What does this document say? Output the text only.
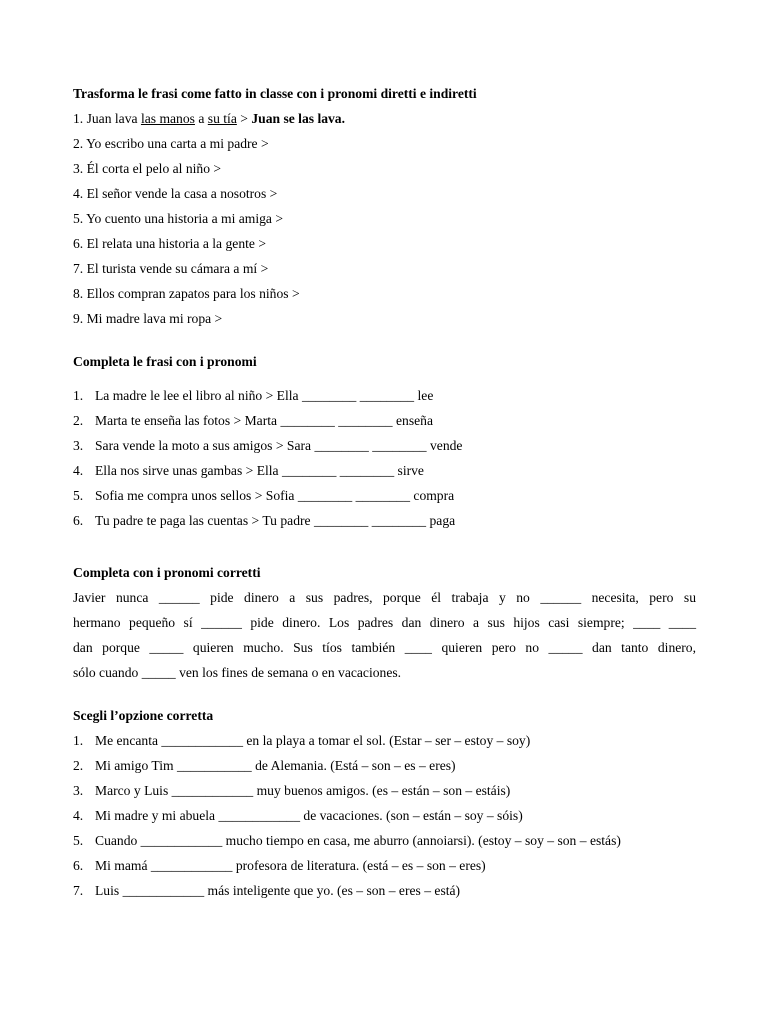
Trasforma le frasi come fatto in classe con i pronomi diretti e indiretti
1. Juan lava las manos a su tía > Juan se las lava.
2. Yo escribo una carta a mi padre >
3. Él corta el pelo al niño >
4. El señor vende la casa a nosotros >
5. Yo cuento una historia a mi amiga >
6. El relata una historia a la gente >
7. El turista vende su cámara a mí >
8. Ellos compran zapatos para los niños >
9. Mi madre lava mi ropa >
Completa le frasi con i pronomi
1. La madre le lee el libro al niño > Ella ________ ________ lee
2. Marta te enseña las fotos > Marta ________ ________ enseña
3. Sara vende la moto a sus amigos > Sara ________ ________ vende
4. Ella nos sirve unas gambas > Ella ________ ________ sirve
5. Sofia me compra unos sellos > Sofia ________ ________ compra
6. Tu padre te paga las cuentas > Tu padre ________ ________ paga
Completa con i pronomi corretti
Javier nunca ______ pide dinero a sus padres, porque él trabaja y no ______ necesita, pero su
hermano pequeño sí ______ pide dinero. Los padres dan dinero a sus hijos casi siempre; ____ ____
dan porque _____ quieren mucho. Sus tíos también ____ quieren pero no _____ dan tanto dinero,
sólo cuando _____ ven los fines de semana o en vacaciones.
Scegli l’opzione corretta
1. Me encanta ____________ en la playa a tomar el sol. (Estar – ser – estoy – soy)
2. Mi amigo Tim ___________ de Alemania. (Está – son – es – eres)
3. Marco y Luis ____________ muy buenos amigos. (es – están – son – estáis)
4. Mi madre y mi abuela ____________ de vacaciones. (son – están – soy – sóis)
5. Cuando ____________ mucho tiempo en casa, me aburro (annoiarsi). (estoy – soy – son – estás)
6. Mi mamá ____________ profesora de literatura. (está – es – son – eres)
7. Luis ____________ más inteligente que yo. (es – son – eres – está)
